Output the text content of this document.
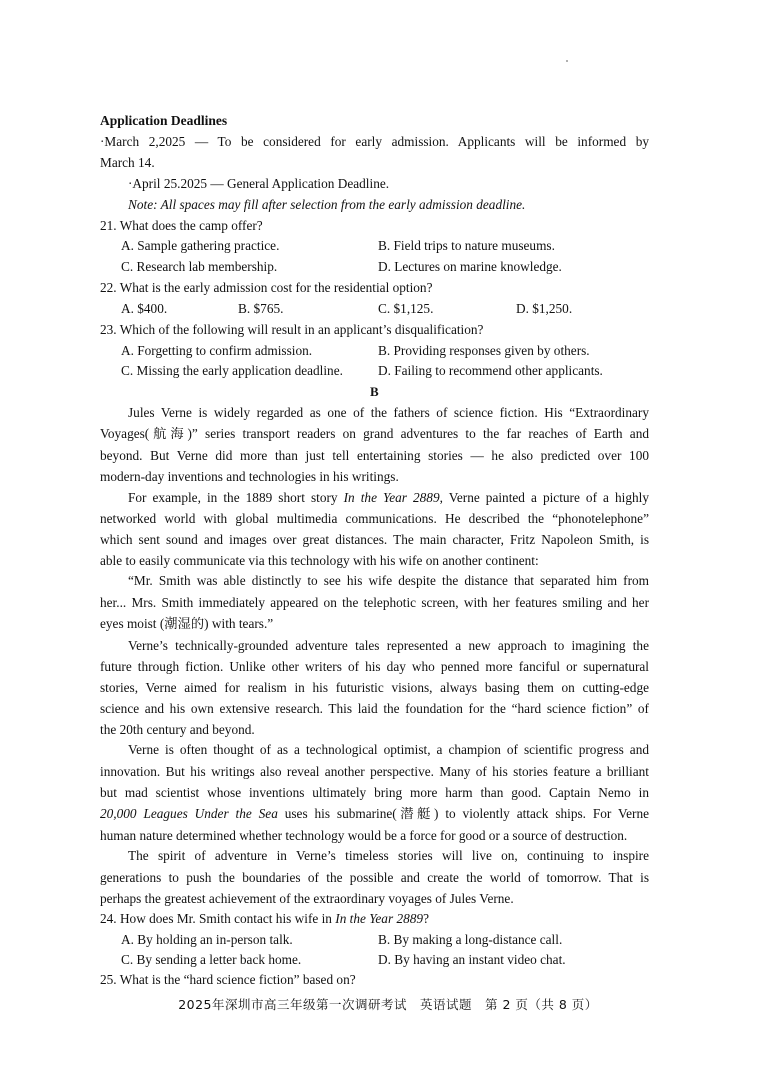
Application Deadlines
·March 2,2025 — To be considered for early admission. Applicants will be informed by
March 14.
·April 25.2025 — General Application Deadline.
Note: All spaces may fill after selection from the early admission deadline.
21. What does the camp offer?
A. Sample gathering practice.	B. Field trips to nature museums.
C. Research lab membership.	D. Lectures on marine knowledge.
22. What is the early admission cost for the residential option?
A. $400.	B. $765.	C. $1,125.	D. $1,250.
23. Which of the following will result in an applicant’s disqualification?
A. Forgetting to confirm admission.	B. Providing responses given by others.
C. Missing the early application deadline.	D. Failing to recommend other applicants.
B
Jules Verne is widely regarded as one of the fathers of science fiction. His “Extraordinary
Voyages(航海)” series transport readers on grand adventures to the far reaches of Earth and
beyond. But Verne did more than just tell entertaining stories — he also predicted over 100
modern-day inventions and technologies in his writings.
For example, in the 1889 short story In the Year 2889, Verne painted a picture of a highly
networked world with global multimedia communications. He described the “phonotelephone”
which sent sound and images over great distances. The main character, Fritz Napoleon Smith, is
able to easily communicate via this technology with his wife on another continent:
“Mr. Smith was able distinctly to see his wife despite the distance that separated him from
her... Mrs. Smith immediately appeared on the telephotic screen, with her features smiling and her
eyes moist (潮湿的) with tears.”
Verne’s technically-grounded adventure tales represented a new approach to imagining the
future through fiction. Unlike other writers of his day who penned more fanciful or supernatural
stories, Verne aimed for realism in his futuristic visions, always basing them on cutting-edge
science and his own extensive research. This laid the foundation for the “hard science fiction” of
the 20th century and beyond.
Verne is often thought of as a technological optimist, a champion of scientific progress and
innovation. But his writings also reveal another perspective. Many of his stories feature a brilliant
but mad scientist whose inventions ultimately bring more harm than good. Captain Nemo in
20,000 Leagues Under the Sea uses his submarine(潜艇) to violently attack ships. For Verne
human nature determined whether technology would be a force for good or a source of destruction.
The spirit of adventure in Verne’s timeless stories will live on, continuing to inspire
generations to push the boundaries of the possible and create the world of tomorrow. That is
perhaps the greatest achievement of the extraordinary voyages of Jules Verne.
24. How does Mr. Smith contact his wife in In the Year 2889?
A. By holding an in-person talk.	B. By making a long-distance call.
C. By sending a letter back home.	D. By having an instant video chat.
25. What is the “hard science fiction” based on?
2025年深圳市高三年级第一次调研考试　英语试题　第 2 页（共 8 页）
